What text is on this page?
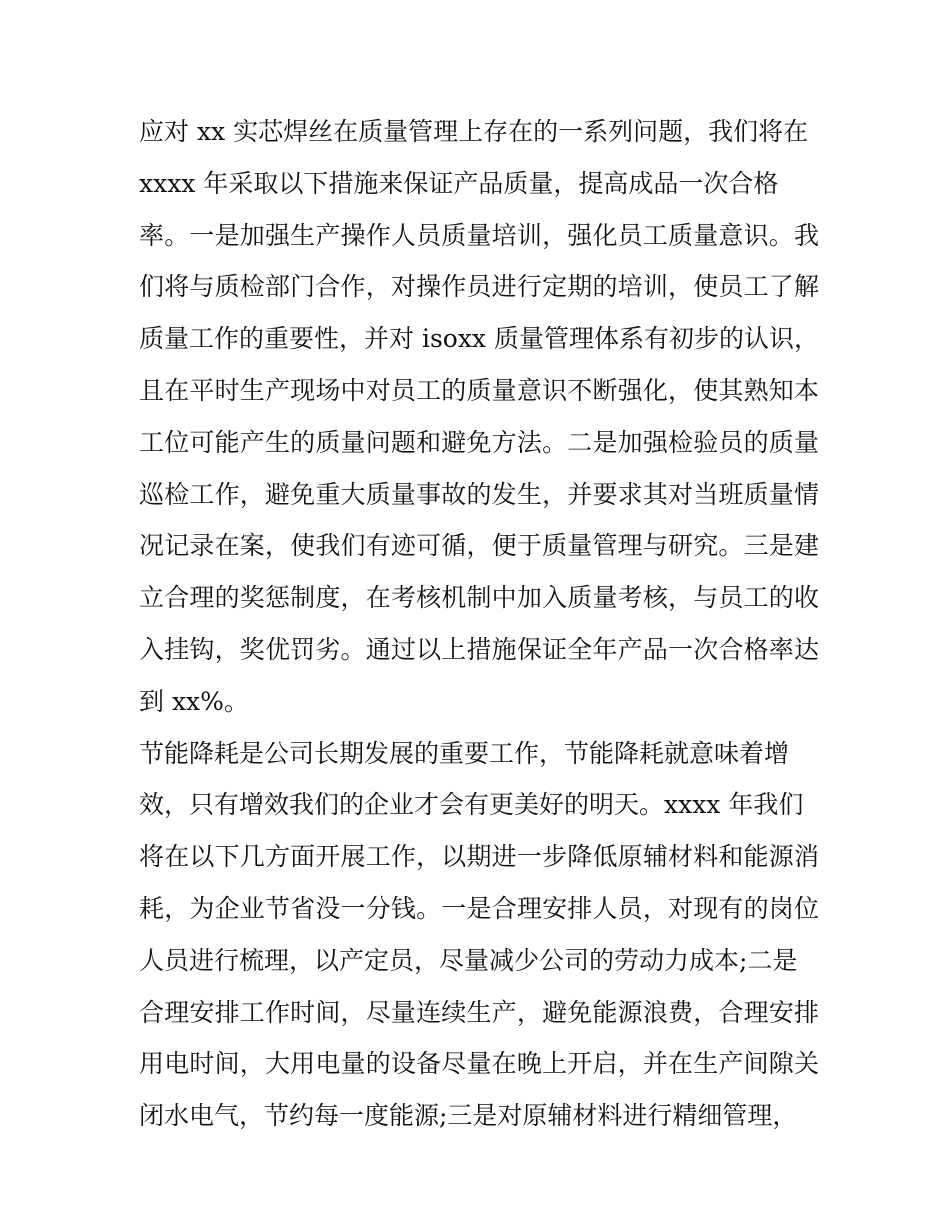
应对 xx 实芯焊丝在质量管理上存在的一系列问题，我们将在
xxxx 年采取以下措施来保证产品质量，提高成品一次合格
率。一是加强生产操作人员质量培训，强化员工质量意识。我
们将与质检部门合作，对操作员进行定期的培训，使员工了解
质量工作的重要性，并对 isoxx 质量管理体系有初步的认识，
且在平时生产现场中对员工的质量意识不断强化，使其熟知本
工位可能产生的质量问题和避免方法。二是加强检验员的质量
巡检工作，避免重大质量事故的发生，并要求其对当班质量情
况记录在案，使我们有迹可循，便于质量管理与研究。三是建
立合理的奖惩制度，在考核机制中加入质量考核，与员工的收
入挂钩，奖优罚劣。通过以上措施保证全年产品一次合格率达
到 xx%。
节能降耗是公司长期发展的重要工作，节能降耗就意味着增
效，只有增效我们的企业才会有更美好的明天。xxxx 年我们
将在以下几方面开展工作，以期进一步降低原辅材料和能源消
耗，为企业节省没一分钱。一是合理安排人员，对现有的岗位
人员进行梳理，以产定员，尽量减少公司的劳动力成本;二是
合理安排工作时间，尽量连续生产，避免能源浪费，合理安排
用电时间，大用电量的设备尽量在晚上开启，并在生产间隙关
闭水电气，节约每一度能源;三是对原辅材料进行精细管理，
